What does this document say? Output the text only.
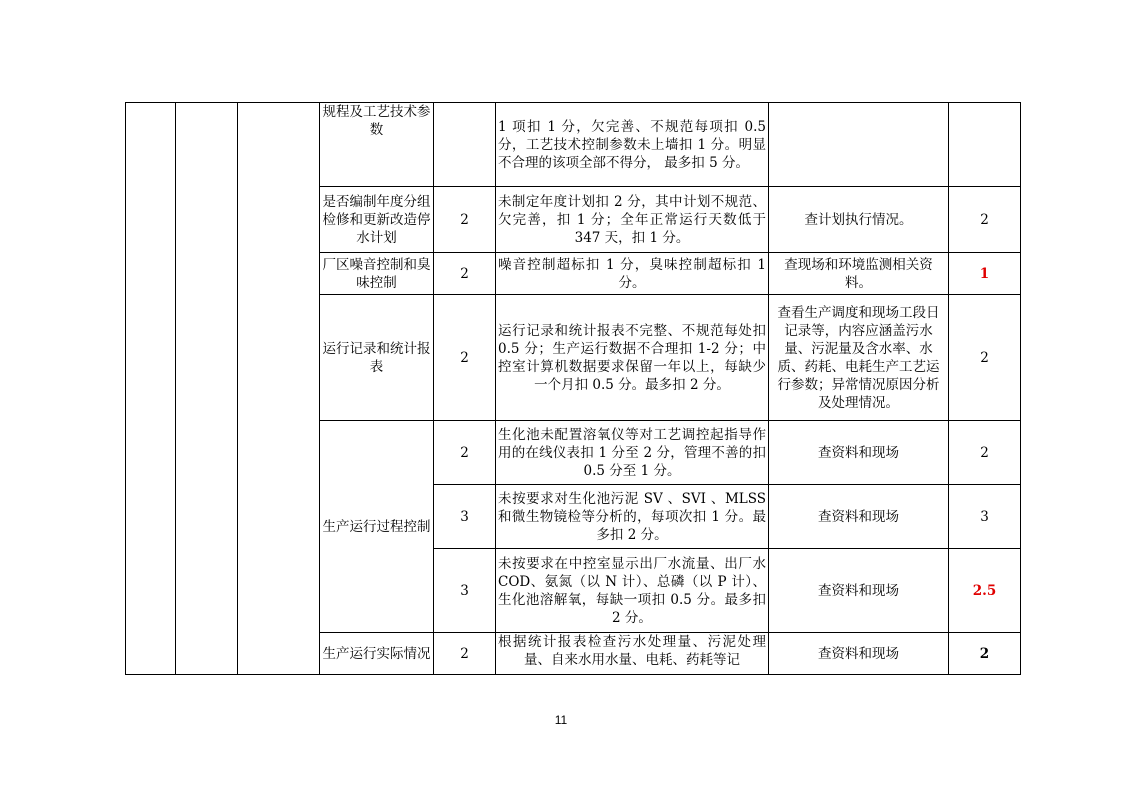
			规程及工艺技术参数		1 项扣 1 分，欠完善、不规范每项扣 0.5 分，工艺技术控制参数未上墙扣 1 分。明显不合理的该项全部不得分， 最多扣 5 分。		
			是否编制年度分组检修和更新改造停水计划	2	未制定年度计划扣 2 分，其中计划不规范、欠完善，扣 1 分；全年正常运行天数低于 347 天，扣 1 分。	查计划执行情况。	2
			厂区噪音控制和臭味控制	2	噪音控制超标扣 1 分，臭味控制超标扣 1 分。	查现场和环境监测相关资料。	1
			运行记录和统计报表	2	运行记录和统计报表不完整、不规范每处扣 0.5 分；生产运行数据不合理扣 1-2 分；中控室计算机数据要求保留一年以上，每缺少一个月扣 0.5 分。最多扣 2 分。	查看生产调度和现场工段日记录等，内容应涵盖污水量、污泥量及含水率、水质、药耗、电耗生产工艺运行参数；异常情况原因分析及处理情况。	2
			生产运行过程控制	2	生化池未配置溶氧仪等对工艺调控起指导作用的在线仪表扣 1 分至 2 分，管理不善的扣 0.5 分至 1 分。	查资料和现场	2
				3	未按要求对生化池污泥 SV 、SVI 、MLSS 和微生物镜检等分析的，每项次扣 1 分。最多扣 2 分。	查资料和现场	3
				3	未按要求在中控室显示出厂水流量、出厂水 COD、氨氮（以 N 计）、总磷（以 P 计）、生化池溶解氧，每缺一项扣 0.5 分。最多扣 2 分。	查资料和现场	2.5
			生产运行实际情况	2	根据统计报表检查污水处理量、污泥处理量、自来水用水量、电耗、药耗等记	查资料和现场	2
11
